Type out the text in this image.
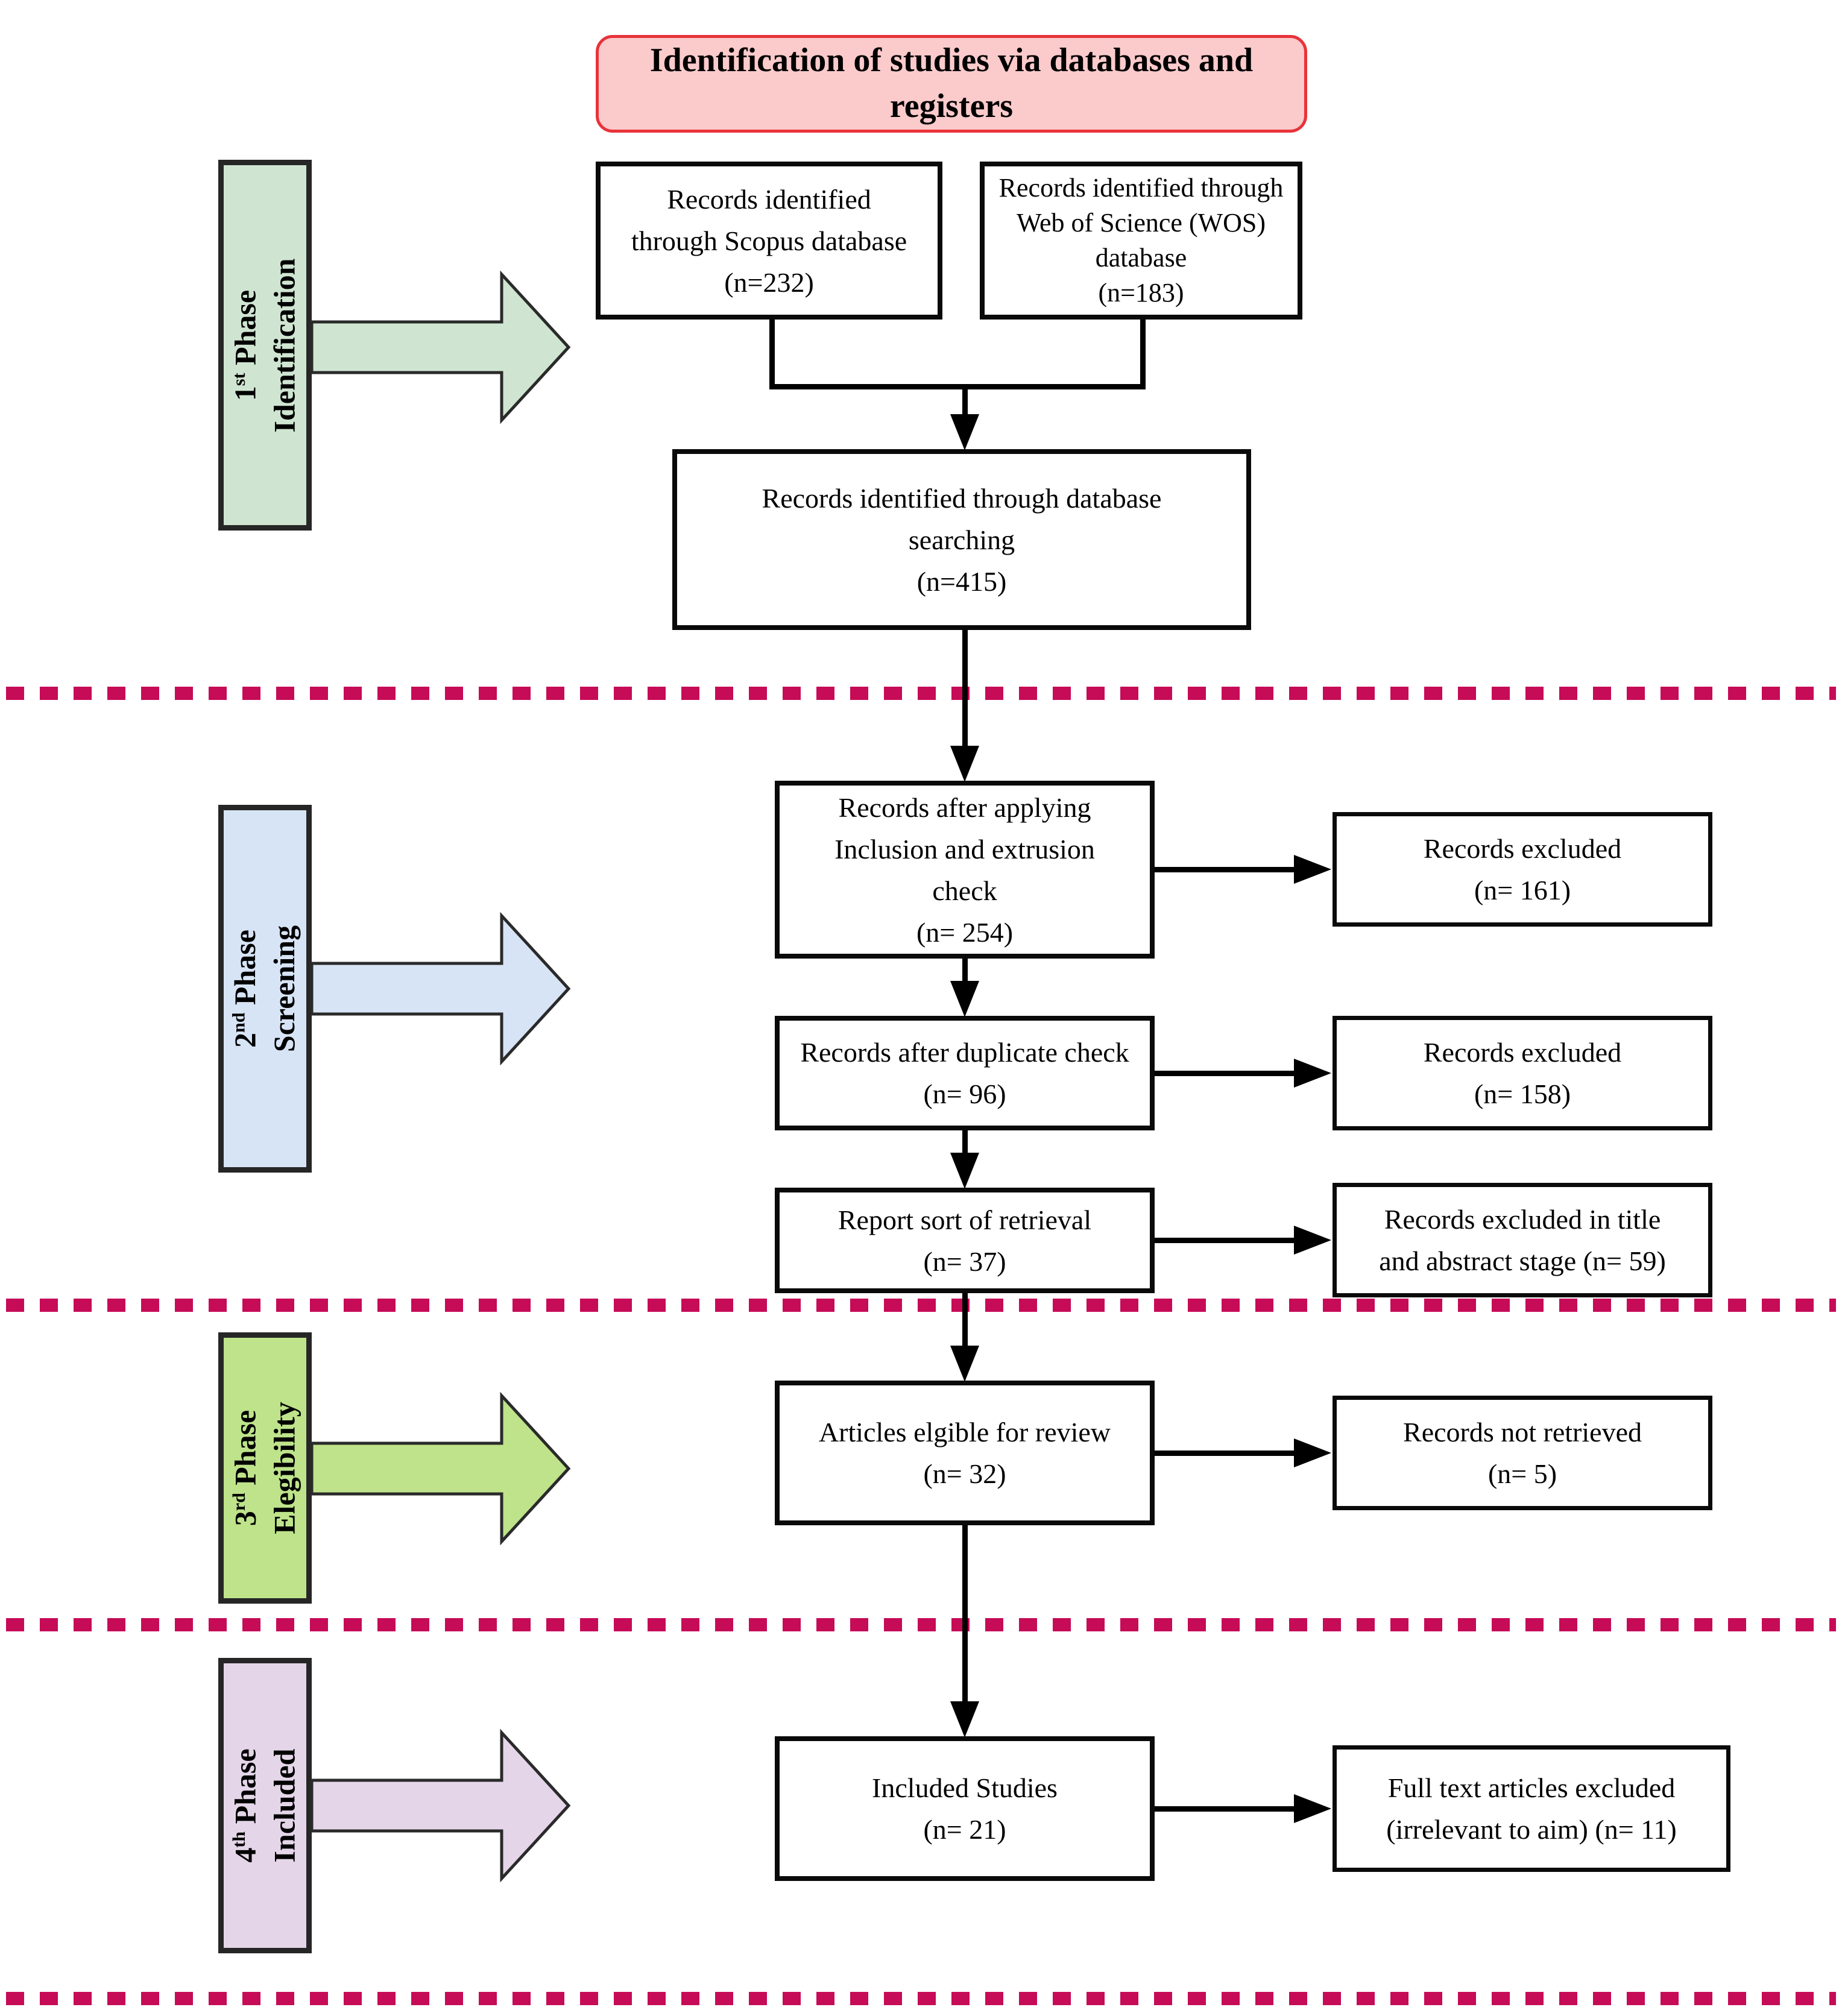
Identification of studies via databases and
registers
1st Phase Identification
2nd Phase Screening
3rd Phase Elegibility
4th Phase Included
Records identified
through Scopus database
(n=232)
Records identified through
Web of Science (WOS)
database
(n=183)
Records identified through database
searching
(n=415)
Records after applying
Inclusion and extrusion
check
(n= 254)
Records excluded
(n= 161)
Records after duplicate check
(n= 96)
Records excluded
(n= 158)
Report sort of retrieval
(n= 37)
Records excluded in title
and abstract stage (n= 59)
Articles elgible for review
(n= 32)
Records not retrieved
(n= 5)
Included Studies
(n= 21)
Full text articles excluded
(irrelevant to aim) (n= 11)
